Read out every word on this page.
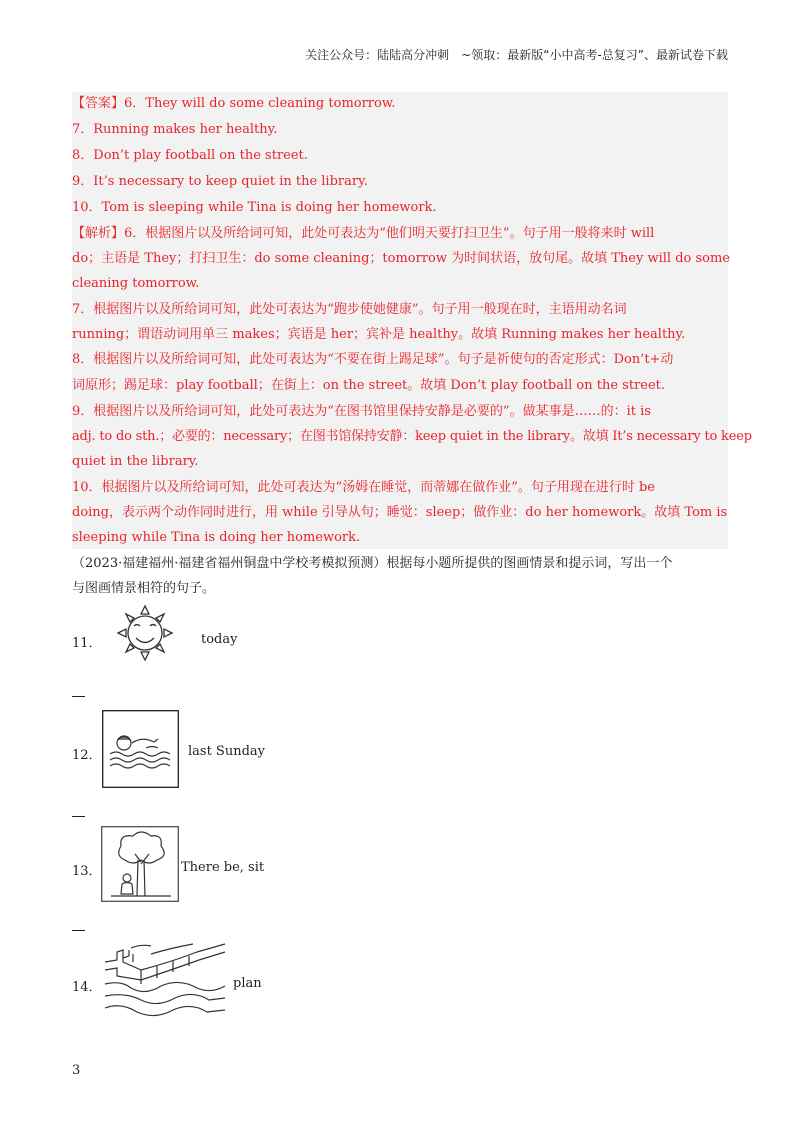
关注公众号：陆陆高分冲刺　~领取：最新版“小中高考-总复习”、最新试卷下载
【答案】6．They will do some cleaning tomorrow.
7．Running makes her healthy.
8．Don’t play football on the street.
9．It’s necessary to keep quiet in the library.
10．Tom is sleeping while Tina is doing her homework.
【解析】6．根据图片以及所给词可知，此处可表达为“他们明天要打扫卫生”。句子用一般将来时 will
do；主语是 They；打扫卫生：do some cleaning；tomorrow 为时间状语，放句尾。故填 They will do some
cleaning tomorrow.
7．根据图片以及所给词可知，此处可表达为“跑步使她健康”。句子用一般现在时，主语用动名词
running；谓语动词用单三 makes；宾语是 her；宾补是 healthy。故填 Running makes her healthy.
8．根据图片以及所给词可知，此处可表达为“不要在街上踢足球”。句子是祈使句的否定形式：Don’t+动
词原形；踢足球：play football；在街上：on the street。故填 Don’t play football on the street.
9．根据图片以及所给词可知，此处可表达为“在图书馆里保持安静是必要的”。做某事是……的：it is
adj. to do sth.；必要的：necessary；在图书馆保持安静：keep quiet in the library。故填 It’s necessary to keep
quiet in the library.
10．根据图片以及所给词可知，此处可表达为“汤姆在睡觉，而蒂娜在做作业”。句子用现在进行时 be
doing，表示两个动作同时进行，用 while 引导从句；睡觉：sleep；做作业：do her homework。故填 Tom is
sleeping while Tina is doing her homework.
（2023·福建福州·福建省福州铜盘中学校考模拟预测）根据每小题所提供的图画情景和提示词，写出一个
与图画情景相符的句子。
11．	today
12．	last Sunday
13．	There be, sit
14．	plan
3
